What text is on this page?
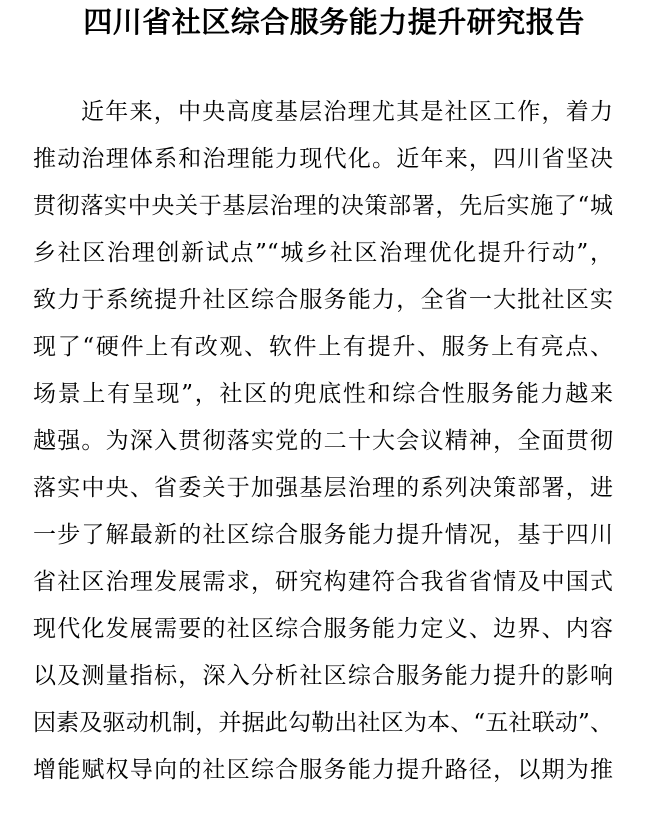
四川省社区综合服务能力提升研究报告
近年来，中央高度基层治理尤其是社区工作，着力
推动治理体系和治理能力现代化。近年来，四川省坚决
贯彻落实中央关于基层治理的决策部署，先后实施了“城
乡社区治理创新试点”“城乡社区治理优化提升行动”，
致力于系统提升社区综合服务能力，全省一大批社区实
现了“硬件上有改观、软件上有提升、服务上有亮点、
场景上有呈现”，社区的兜底性和综合性服务能力越来
越强。为深入贯彻落实党的二十大会议精神，全面贯彻
落实中央、省委关于加强基层治理的系列决策部署，进
一步了解最新的社区综合服务能力提升情况，基于四川
省社区治理发展需求，研究构建符合我省省情及中国式
现代化发展需要的社区综合服务能力定义、边界、内容
以及测量指标，深入分析社区综合服务能力提升的影响
因素及驱动机制，并据此勾勒出社区为本、“五社联动”、
增能赋权导向的社区综合服务能力提升路径，以期为推
